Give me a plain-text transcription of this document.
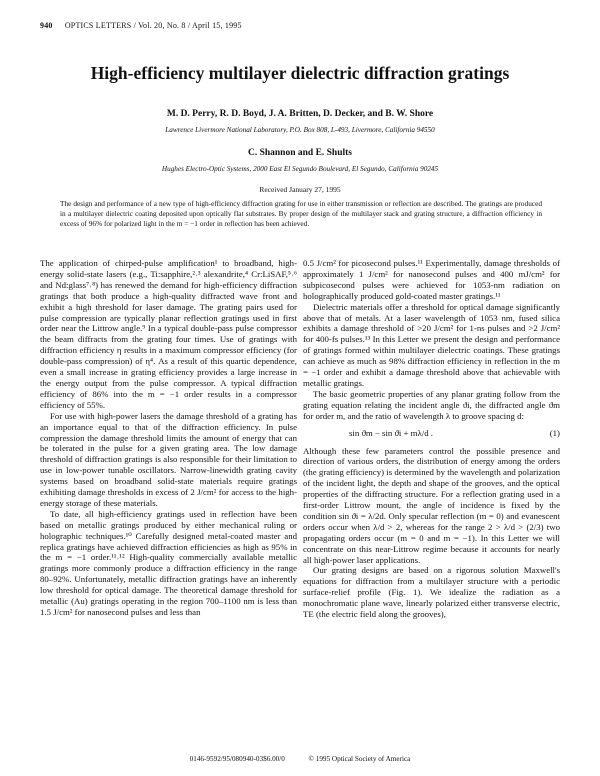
940 OPTICS LETTERS / Vol. 20, No. 8 / April 15, 1995
High-efficiency multilayer dielectric diffraction gratings
M. D. Perry, R. D. Boyd, J. A. Britten, D. Decker, and B. W. Shore
Lawrence Livermore National Laboratory, P.O. Box 808, L-493, Livermore, California 94550
C. Shannon and E. Shults
Hughes Electro-Optic Systems, 2000 East El Segundo Boulevard, El Segundo, California 90245
Received January 27, 1995
The design and performance of a new type of high-efficiency diffraction grating for use in either transmission or reflection are described. The gratings are produced in a multilayer dielectric coating deposited upon optically flat substrates. By proper design of the multilayer stack and grating structure, a diffraction efficiency in excess of 96% for polarized light in the m = −1 order in reflection has been achieved.

The application of chirped-pulse amplification¹ to broadband, high-energy solid-state lasers (e.g., Ti:sapphire,²˒³ alexandrite,⁴ Cr:LiSAF,⁵˒⁶ and Nd:glass⁷˒⁸) has renewed the demand for high-efficiency diffraction gratings that both produce a high-quality diffracted wave front and exhibit a high threshold for laser damage. The grating pairs used for pulse compression are typically planar reflection gratings used in first order near the Littrow angle.⁹ In a typical double-pass pulse compressor the beam diffracts from the grating four times. Use of gratings with diffraction efficiency η results in a maximum compressor efficiency (for double-pass compression) of η⁴. As a result of this quartic dependence, even a small increase in grating efficiency provides a large increase in the energy output from the pulse compressor. A typical diffraction efficiency of 86% into the m = −1 order results in a compressor efficiency of 55%.

For use with high-power lasers the damage threshold of a grating has an importance equal to that of the diffraction efficiency. In pulse compression the damage threshold limits the amount of energy that can be tolerated in the pulse for a given grating area. The low damage threshold of diffraction gratings is also responsible for their limitation to use in low-power tunable oscillators. Narrow-linewidth grating cavity systems based on broadband solid-state materials require gratings exhibiting damage thresholds in excess of 2 J/cm² for access to the high-energy storage of these materials.

To date, all high-efficiency gratings used in reflection have been based on metallic gratings produced by either mechanical ruling or holographic techniques.¹⁰ Carefully designed metal-coated master and replica gratings have achieved diffraction efficiencies as high as 95% in the m = −1 order.¹¹˒¹² High-quality commercially available metallic gratings more commonly produce a diffraction efficiency in the range 80–92%. Unfortunately, metallic diffraction gratings have an inherently low threshold for optical damage. The theoretical damage threshold for metallic (Au) gratings operating in the region 700–1100 nm is less than 1.5 J/cm² for nanosecond pulses and less than

0.5 J/cm² for picosecond pulses.¹¹ Experimentally, damage thresholds of approximately 1 J/cm² for nanosecond pulses and 400 mJ/cm² for subpicosecond pulses were achieved for 1053-nm radiation on holographically produced gold-coated master gratings.¹¹

Dielectric materials offer a threshold for optical damage significantly above that of metals. At a laser wavelength of 1053 nm, fused silica exhibits a damage threshold of >20 J/cm² for 1-ns pulses and >2 J/cm² for 400-fs pulses.¹³ In this Letter we present the design and performance of gratings formed within multilayer dielectric coatings. These gratings can achieve as much as 98% diffraction efficiency in reflection in the m = −1 order and exhibit a damage threshold above that achievable with metallic gratings.

The basic geometric properties of any planar grating follow from the grating equation relating the incident angle ϑi, the diffracted angle ϑm for order m, and the ratio of wavelength λ to groove spacing d:

sin ϑm − sin ϑi + mλ/d .	(1)

Although these few parameters control the possible presence and direction of various orders, the distribution of energy among the orders (the grating efficiency) is determined by the wavelength and polarization of the incident light, the depth and shape of the grooves, and the optical properties of the diffracting structure. For a reflection grating used in a first-order Littrow mount, the angle of incidence is fixed by the condition sin ϑi = λ/2d. Only specular reflection (m = 0) and evanescent orders occur when λ/d > 2, whereas for the range 2 > λ/d > (2/3) two propagating orders occur (m = 0 and m = −1). In this Letter we will concentrate on this near-Littrow regime because it accounts for nearly all high-power laser applications.

Our grating designs are based on a rigorous solution Maxwell's equations for diffraction from a multilayer structure with a periodic surface-relief profile (Fig. 1). We idealize the radiation as a monochromatic plane wave, linearly polarized either transverse electric, TE (the electric field along the grooves),

0146-9592/95/080940-03$6.00/0	© 1995 Optical Society of America
